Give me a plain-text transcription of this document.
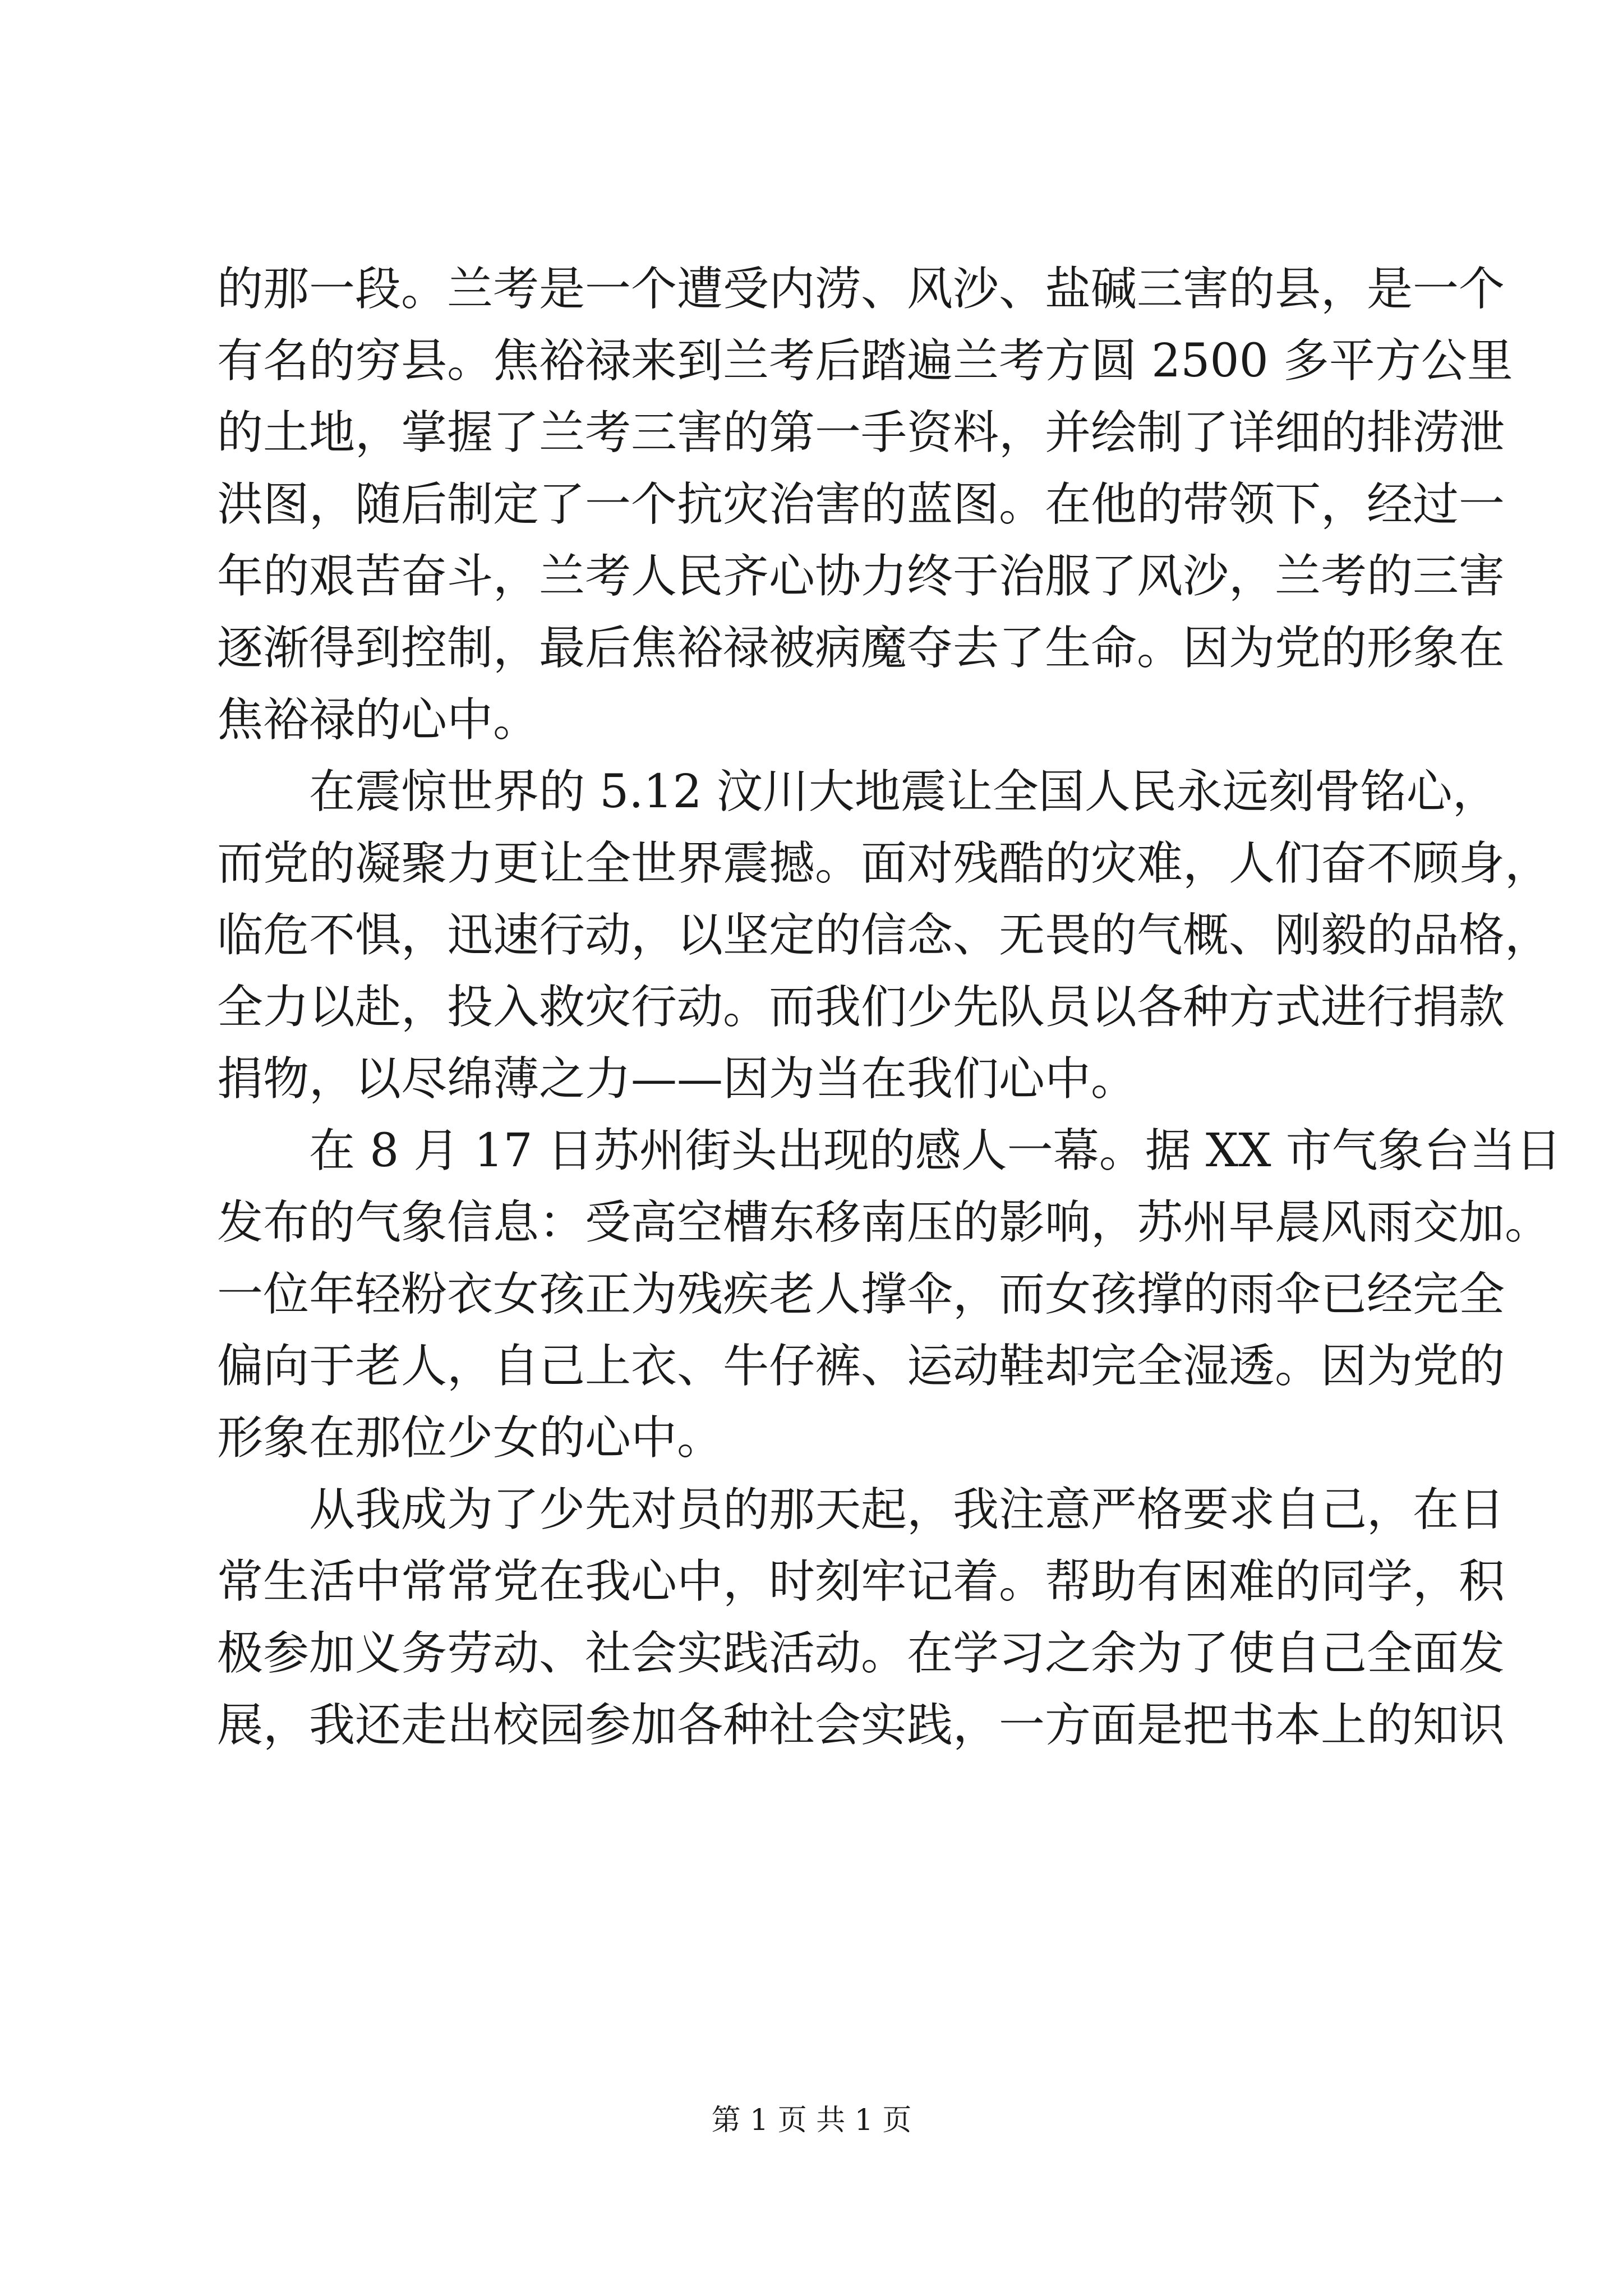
的那一段。兰考是一个遭受内涝、风沙、盐碱三害的县，是一个
有名的穷县。焦裕禄来到兰考后踏遍兰考方圆 2500 多平方公里
的土地，掌握了兰考三害的第一手资料，并绘制了详细的排涝泄
洪图，随后制定了一个抗灾治害的蓝图。在他的带领下，经过一
年的艰苦奋斗，兰考人民齐心协力终于治服了风沙，兰考的三害
逐渐得到控制，最后焦裕禄被病魔夺去了生命。因为党的形象在
焦裕禄的心中。
在震惊世界的 5.12 汶川大地震让全国人民永远刻骨铭心，
而党的凝聚力更让全世界震撼。面对残酷的灾难，人们奋不顾身，
临危不惧，迅速行动，以坚定的信念、无畏的气概、刚毅的品格，
全力以赴，投入救灾行动。而我们少先队员以各种方式进行捐款
捐物，以尽绵薄之力——因为当在我们心中。
在 8 月 17 日苏州街头出现的感人一幕。据 XX 市气象台当日
发布的气象信息：受高空槽东移南压的影响，苏州早晨风雨交加。
一位年轻粉衣女孩正为残疾老人撑伞，而女孩撑的雨伞已经完全
偏向于老人，自己上衣、牛仔裤、运动鞋却完全湿透。因为党的
形象在那位少女的心中。
从我成为了少先对员的那天起，我注意严格要求自己，在日
常生活中常常党在我心中，时刻牢记着。帮助有困难的同学，积
极参加义务劳动、社会实践活动。在学习之余为了使自己全面发
展，我还走出校园参加各种社会实践，一方面是把书本上的知识
第 1 页 共 1 页
